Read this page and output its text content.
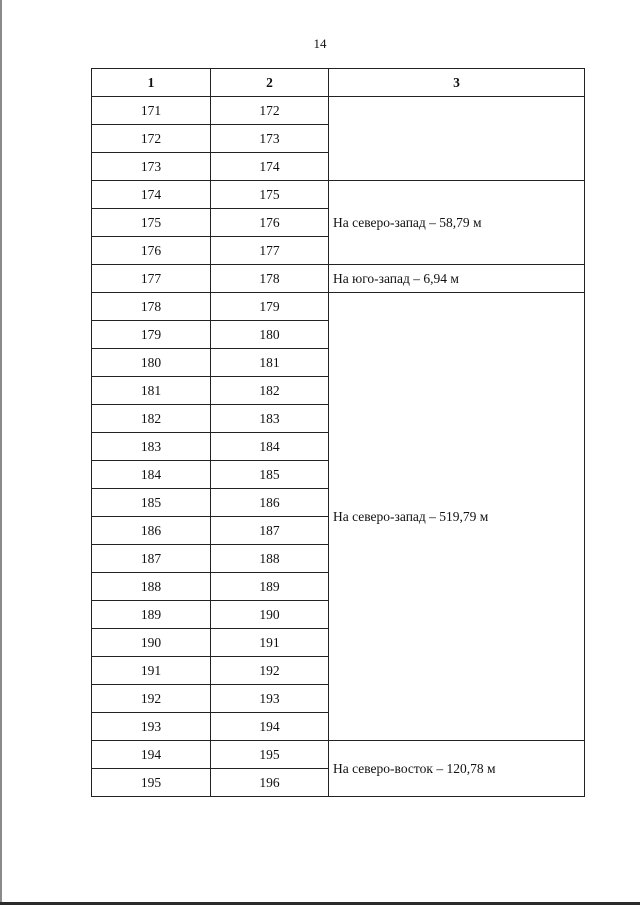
14
1	2	3
171	172	
172	173	
173	174	
174	175	На северо-запад – 58,79 м
175	176	
176	177	
177	178	На юго-запад – 6,94 м
178	179	На северо-запад – 519,79 м
179	180	
180	181	
181	182	
182	183	
183	184	
184	185	
185	186	
186	187	
187	188	
188	189	
189	190	
190	191	
191	192	
192	193	
193	194	
194	195	На северо-восток – 120,78 м
195	196	
